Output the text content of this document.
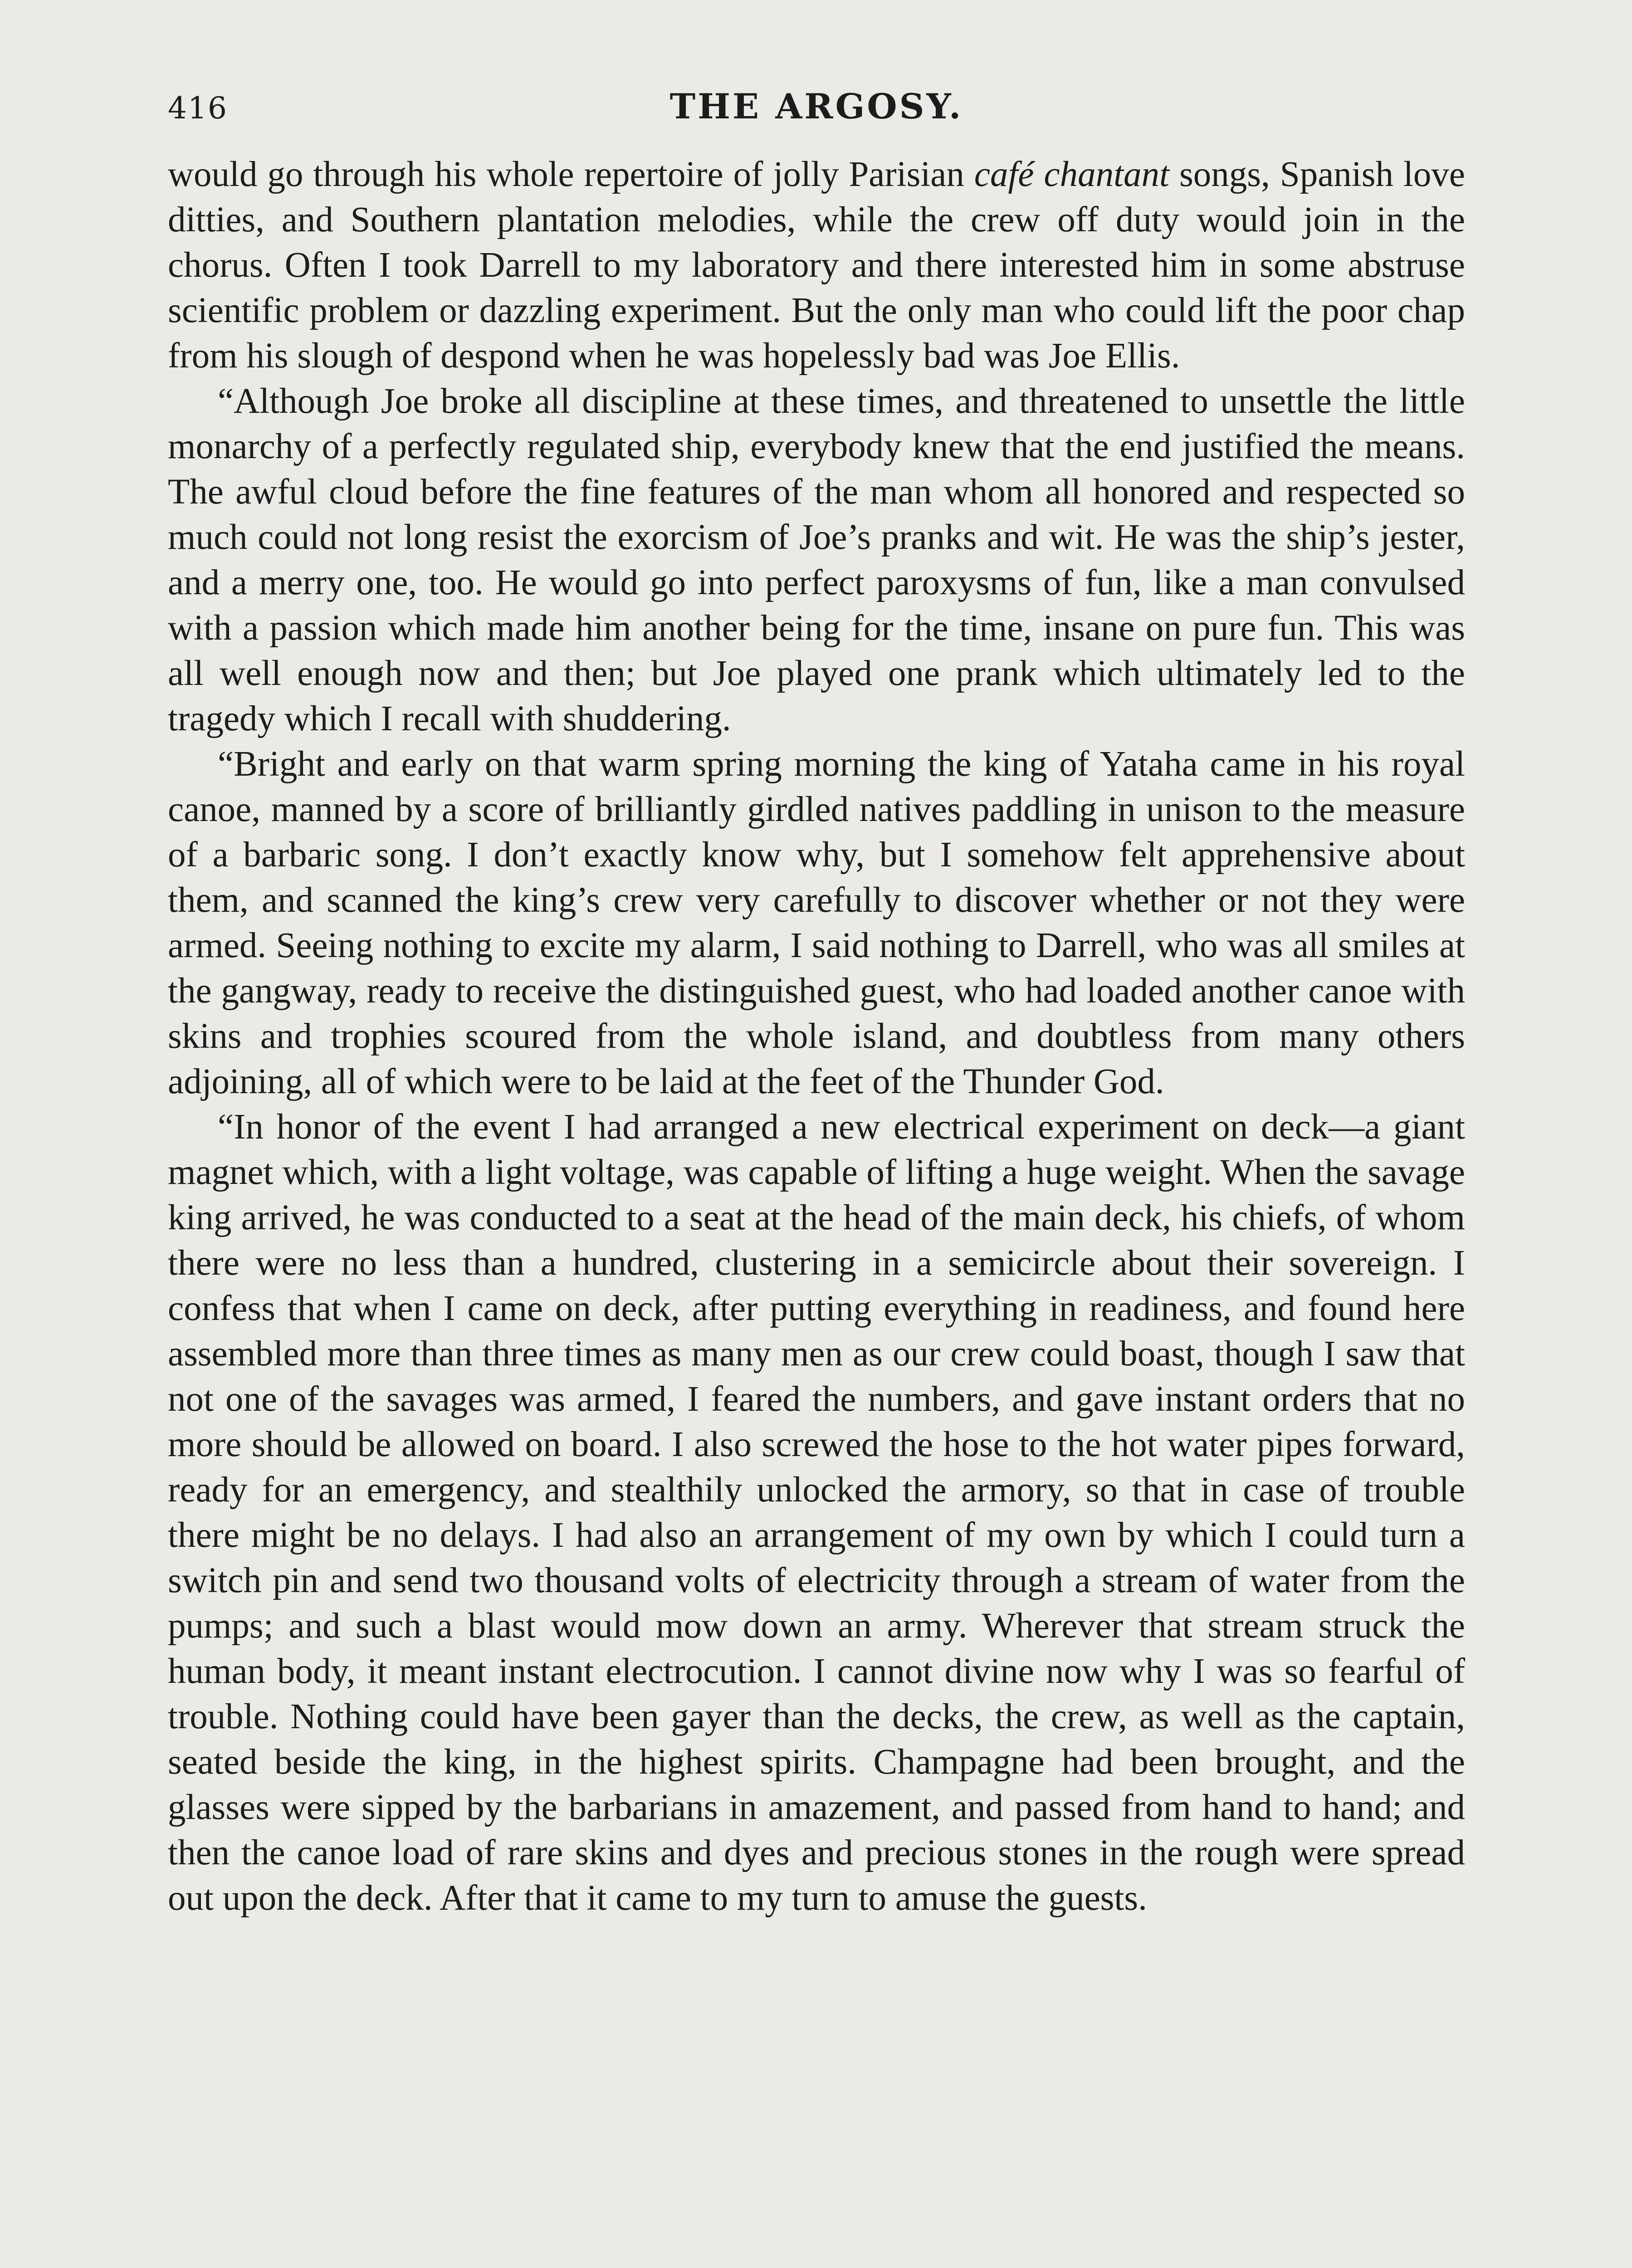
416	THE ARGOSY.

would go through his whole repertoire of jolly Parisian café chantant songs, Spanish love ditties, and Southern plantation melodies, while the crew off duty would join in the chorus. Often I took Darrell to my laboratory and there interested him in some abstruse scientific problem or dazzling experiment. But the only man who could lift the poor chap from his slough of despond when he was hopelessly bad was Joe Ellis.

“Although Joe broke all discipline at these times, and threatened to unsettle the little monarchy of a perfectly regulated ship, everybody knew that the end justified the means. The awful cloud before the fine features of the man whom all honored and respected so much could not long resist the exorcism of Joe’s pranks and wit. He was the ship’s jester, and a merry one, too. He would go into perfect paroxysms of fun, like a man convulsed with a passion which made him another being for the time, insane on pure fun. This was all well enough now and then; but Joe played one prank which ultimately led to the tragedy which I recall with shuddering.

“Bright and early on that warm spring morning the king of Yataha came in his royal canoe, manned by a score of brilliantly girdled natives paddling in unison to the measure of a barbaric song. I don’t exactly know why, but I somehow felt apprehensive about them, and scanned the king’s crew very carefully to discover whether or not they were armed. Seeing nothing to excite my alarm, I said nothing to Darrell, who was all smiles at the gangway, ready to receive the distinguished guest, who had loaded another canoe with skins and trophies scoured from the whole island, and doubtless from many others adjoining, all of which were to be laid at the feet of the Thunder God.

“In honor of the event I had arranged a new electrical experiment on deck—a giant magnet which, with a light voltage, was capable of lifting a huge weight. When the savage king arrived, he was conducted to a seat at the head of the main deck, his chiefs, of whom there were no less than a hundred, clustering in a semicircle about their sovereign. I confess that when I came on deck, after putting everything in readiness, and found here assembled more than three times as many men as our crew could boast, though I saw that not one of the savages was armed, I feared the numbers, and gave instant orders that no more should be allowed on board. I also screwed the hose to the hot water pipes forward, ready for an emergency, and stealthily unlocked the armory, so that in case of trouble there might be no delays. I had also an arrangement of my own by which I could turn a switch pin and send two thousand volts of electricity through a stream of water from the pumps; and such a blast would mow down an army. Wherever that stream struck the human body, it meant instant electrocution. I cannot divine now why I was so fearful of trouble. Nothing could have been gayer than the decks, the crew, as well as the captain, seated beside the king, in the highest spirits. Champagne had been brought, and the glasses were sipped by the barbarians in amazement, and passed from hand to hand; and then the canoe load of rare skins and dyes and precious stones in the rough were spread out upon the deck. After that it came to my turn to amuse the guests.
